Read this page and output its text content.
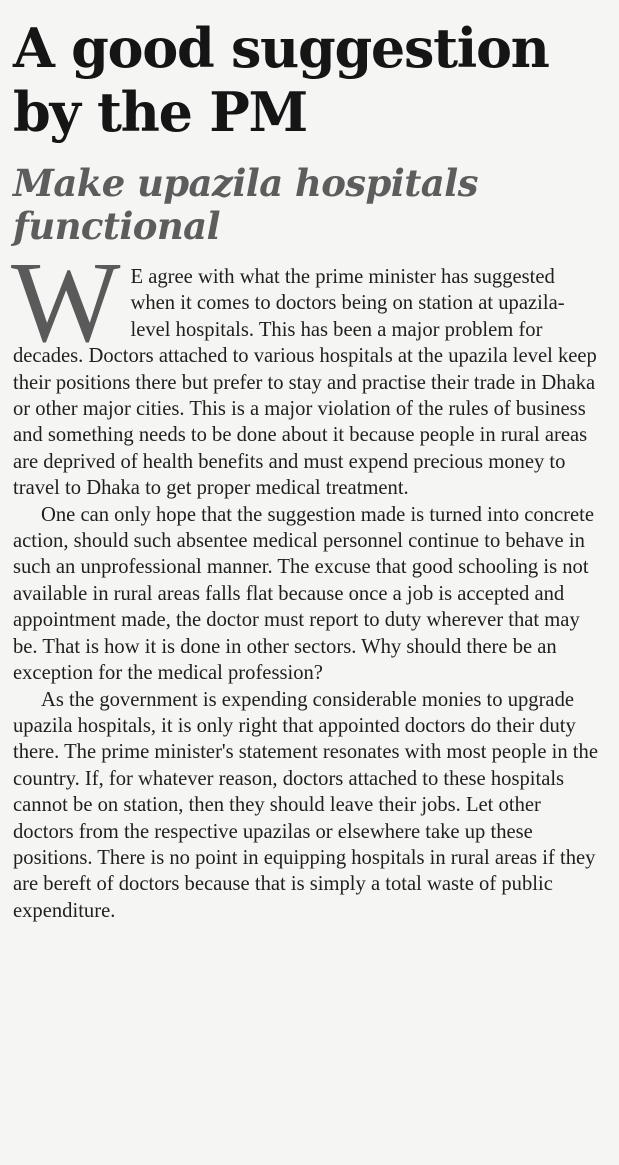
A good suggestion by the PM
Make upazila hospitals functional

W E agree with what the prime minister has suggested when it comes to doctors being on station at upazila-level hospitals. This has been a major problem for decades. Doctors attached to various hospitals at the upazila level keep their positions there but prefer to stay and practise their trade in Dhaka or other major cities. This is a major violation of the rules of business and something needs to be done about it because people in rural areas are deprived of health benefits and must expend precious money to travel to Dhaka to get proper medical treatment.

One can only hope that the suggestion made is turned into concrete action, should such absentee medical personnel continue to behave in such an unprofessional manner. The excuse that good schooling is not available in rural areas falls flat because once a job is accepted and appointment made, the doctor must report to duty wherever that may be. That is how it is done in other sectors. Why should there be an exception for the medical profession?

As the government is expending considerable monies to upgrade upazila hospitals, it is only right that appointed doctors do their duty there. The prime minister's statement resonates with most people in the country. If, for whatever reason, doctors attached to these hospitals cannot be on station, then they should leave their jobs. Let other doctors from the respective upazilas or elsewhere take up these positions. There is no point in equipping hospitals in rural areas if they are bereft of doctors because that is simply a total waste of public expenditure.
